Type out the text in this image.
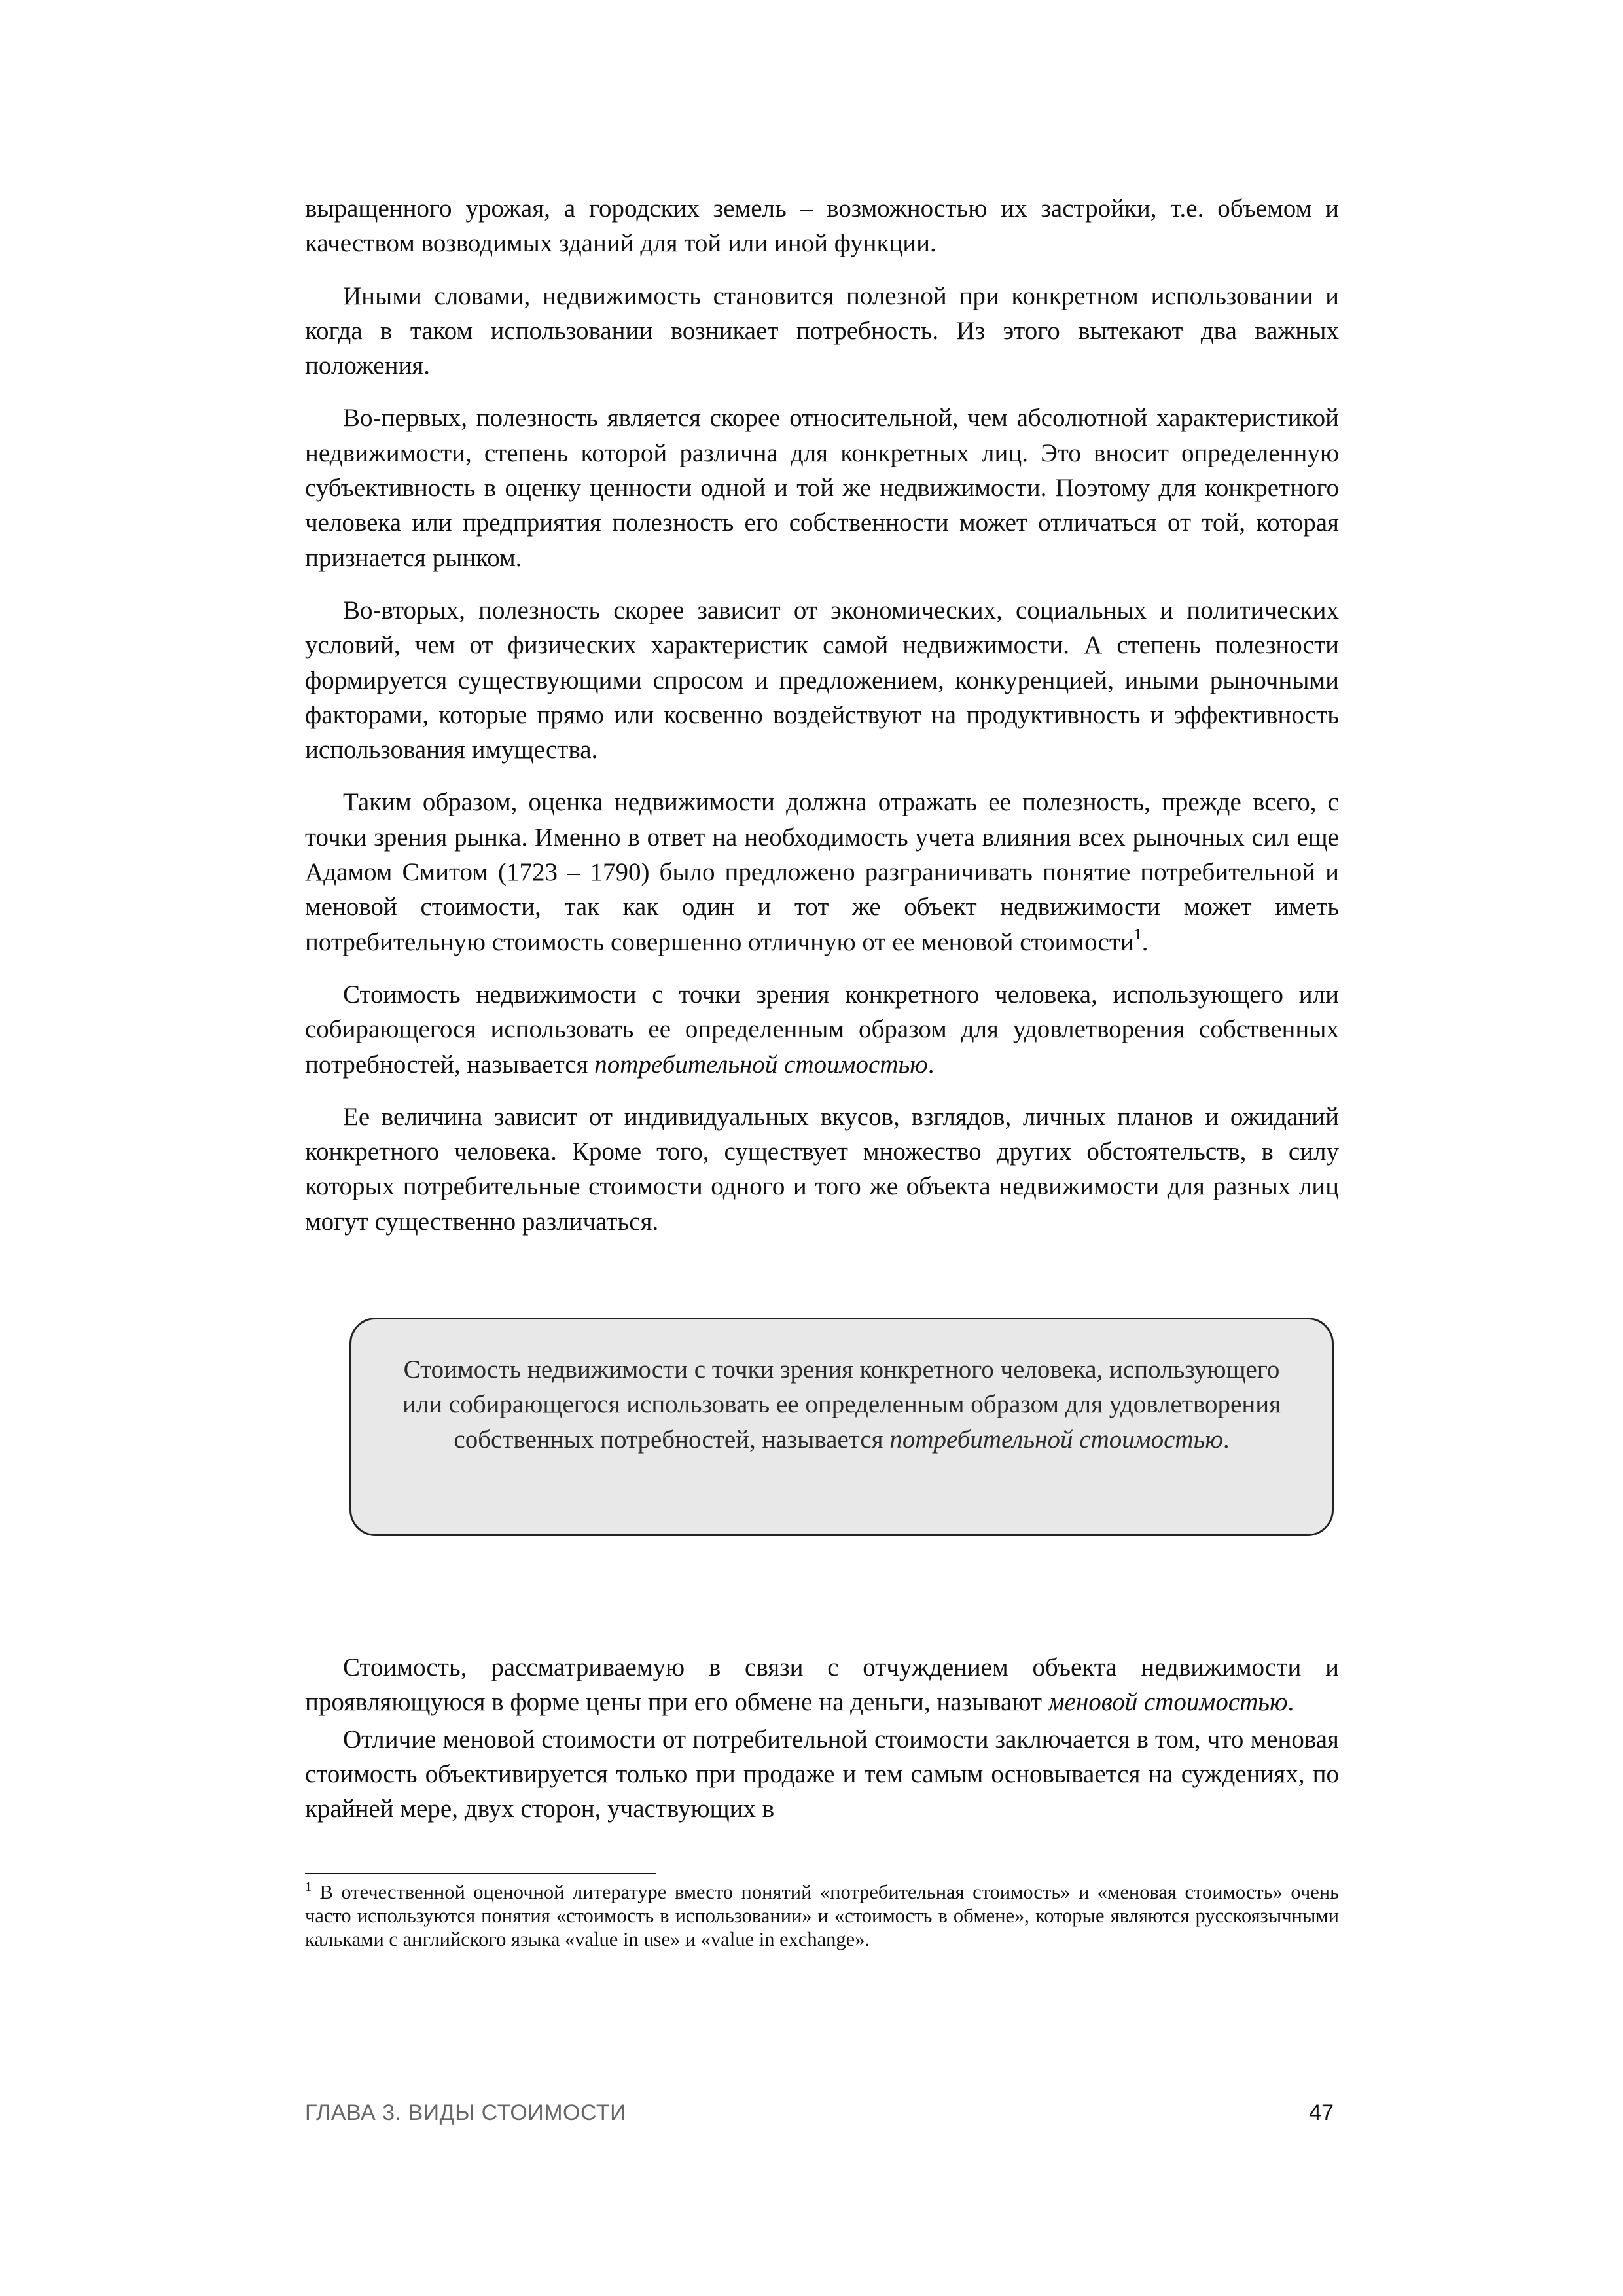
выращенного урожая, а городских земель – возможностью их застройки, т.е. объемом и качеством возводимых зданий для той или иной функции.

Иными словами, недвижимость становится полезной при конкретном использовании и когда в таком использовании возникает потребность. Из этого вытекают два важных положения.

Во-первых, полезность является скорее относительной, чем абсолютной характеристикой недвижимости, степень которой различна для конкретных лиц. Это вносит определенную субъективность в оценку ценности одной и той же недвижимости. Поэтому для конкретного человека или предприятия полезность его собственности может отличаться от той, которая признается рынком.

Во-вторых, полезность скорее зависит от экономических, социальных и политических условий, чем от физических характеристик самой недвижимости. А степень полезности формируется существующими спросом и предложением, конкуренцией, иными рыночными факторами, которые прямо или косвенно воздействуют на продуктивность и эффективность использования имущества.

Таким образом, оценка недвижимости должна отражать ее полезность, прежде всего, с точки зрения рынка. Именно в ответ на необходимость учета влияния всех рыночных сил еще Адамом Смитом (1723 – 1790) было предложено разграничивать понятие потребительной и меновой стоимости, так как один и тот же объект недвижимости может иметь потребительную стоимость совершенно отличную от ее меновой стоимости$^1$.

Стоимость недвижимости с точки зрения конкретного человека, использующего или собирающегося использовать ее определенным образом для удовлетворения собственных потребностей, называется потребительной стоимостью.

Ее величина зависит от индивидуальных вкусов, взглядов, личных планов и ожиданий конкретного человека. Кроме того, существует множество других обстоятельств, в силу которых потребительные стоимости одного и того же объекта недвижимости для разных лиц могут существенно различаться.

Стоимость недвижимости с точки зрения конкретного человека, использующего или собирающегося использовать ее определенным образом для удовлетворения собственных потребностей, называется потребительной стоимостью.

Стоимость, рассматриваемую в связи с отчуждением объекта недвижимости и проявляющуюся в форме цены при его обмене на деньги, называют меновой стоимостью.

Отличие меновой стоимости от потребительной стоимости заключается в том, что меновая стоимость объективируется только при продаже и тем самым основывается на суждениях, по крайней мере, двух сторон, участвующих в

$^1$ В отечественной оценочной литературе вместо понятий «потребительная стоимость» и «меновая стоимость» очень часто используются понятия «стоимость в использовании» и «стоимость в обмене», которые являются русскоязычными кальками с английского языка «value in use» и «value in exchange».
ГЛАВА 3. ВИДЫ СТОИМОСТИ	47
